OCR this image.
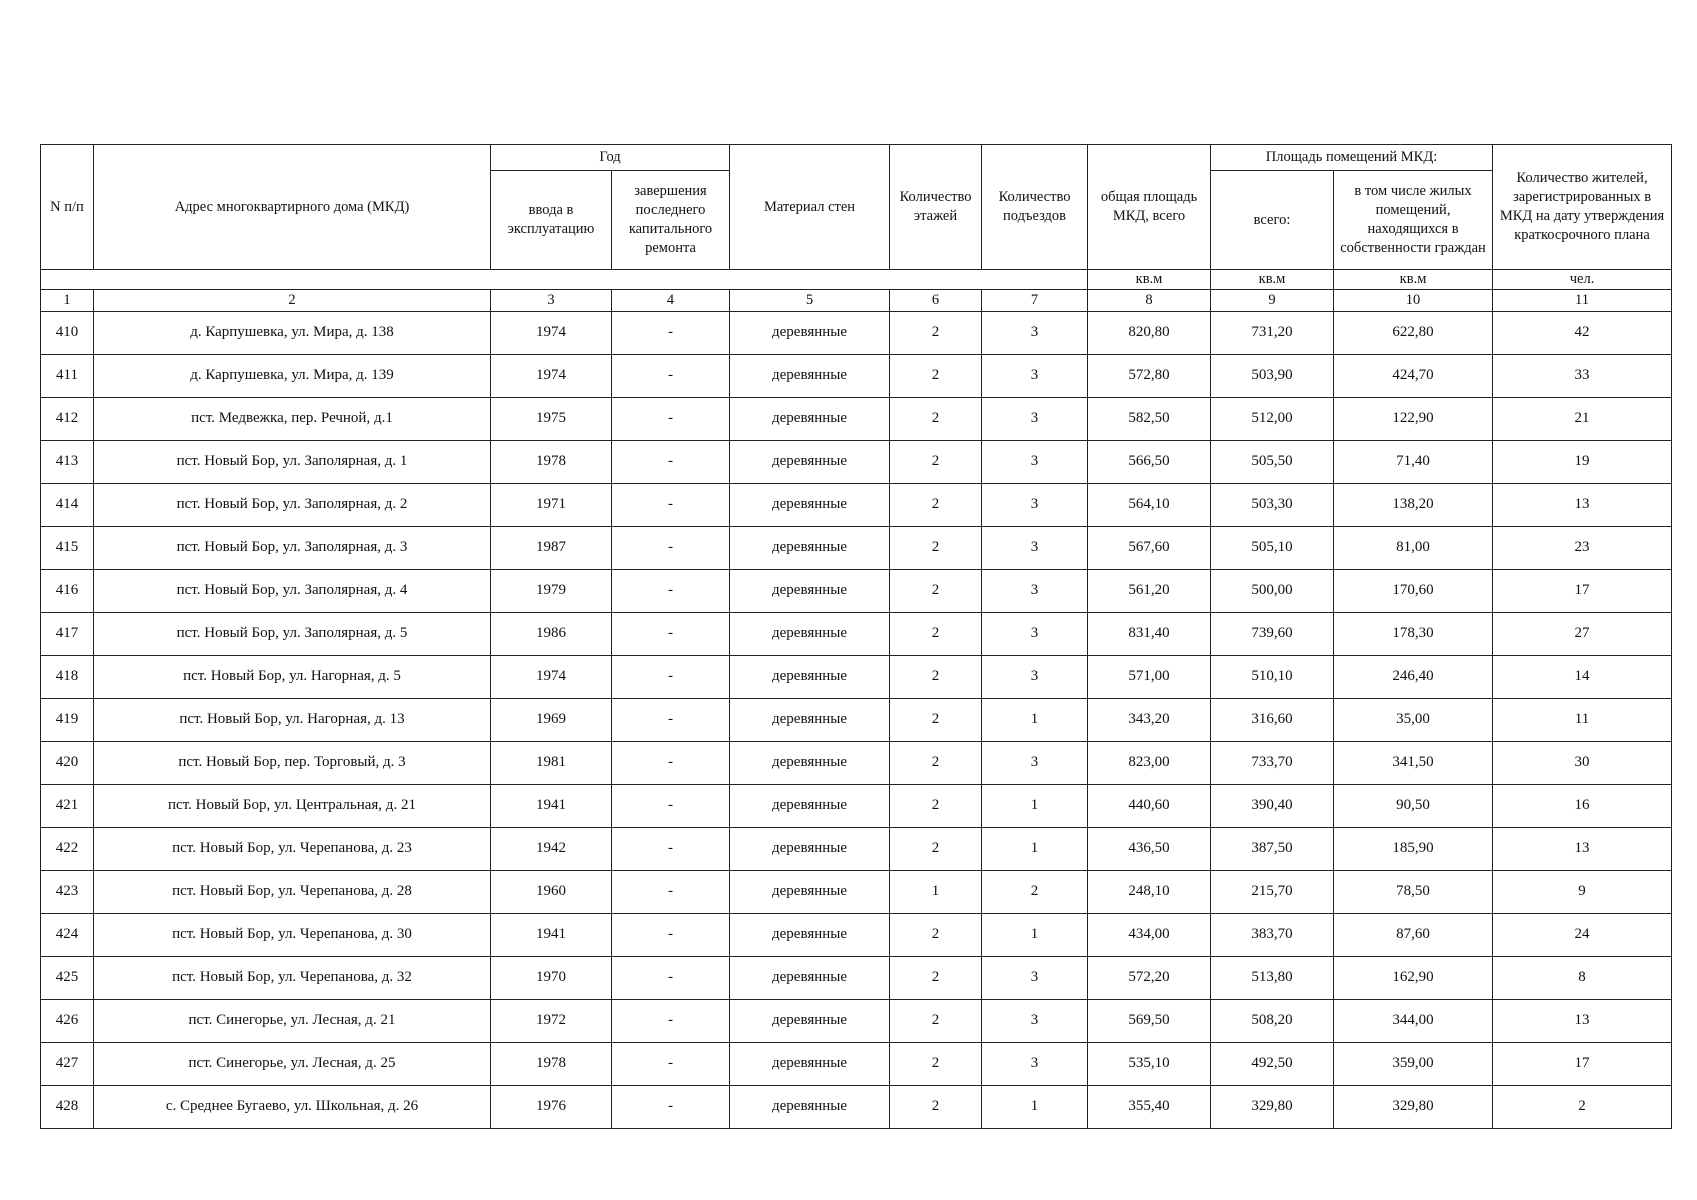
N п/п	Адрес многоквартирного дома (МКД)	Год		Материал стен	Количество этажей	Количество подъездов	общая площадь МКД, всего	Площадь помещений МКД:		Количество жителей, зарегистрированных в МКД на дату утверждения краткосрочного плана
		ввода в эксплуатацию	завершения последнего капитального ремонта					всего:	в том числе жилых помещений, находящихся в собственности граждан	
							кв.м	кв.м	кв.м	чел.
1	2	3	4	5	6	7	8	9	10	11
410	д. Карпушевка, ул. Мира, д. 138	1974	-	деревянные	2	3	820,80	731,20	622,80	42
411	д. Карпушевка, ул. Мира, д. 139	1974	-	деревянные	2	3	572,80	503,90	424,70	33
412	пст. Медвежка, пер. Речной, д.1	1975	-	деревянные	2	3	582,50	512,00	122,90	21
413	пст. Новый Бор, ул. Заполярная, д. 1	1978	-	деревянные	2	3	566,50	505,50	71,40	19
414	пст. Новый Бор, ул. Заполярная, д. 2	1971	-	деревянные	2	3	564,10	503,30	138,20	13
415	пст. Новый Бор, ул. Заполярная, д. 3	1987	-	деревянные	2	3	567,60	505,10	81,00	23
416	пст. Новый Бор, ул. Заполярная, д. 4	1979	-	деревянные	2	3	561,20	500,00	170,60	17
417	пст. Новый Бор, ул. Заполярная, д. 5	1986	-	деревянные	2	3	831,40	739,60	178,30	27
418	пст. Новый Бор, ул. Нагорная, д. 5	1974	-	деревянные	2	3	571,00	510,10	246,40	14
419	пст. Новый Бор, ул. Нагорная, д. 13	1969	-	деревянные	2	1	343,20	316,60	35,00	11
420	пст. Новый Бор, пер. Торговый, д. 3	1981	-	деревянные	2	3	823,00	733,70	341,50	30
421	пст. Новый Бор, ул. Центральная, д. 21	1941	-	деревянные	2	1	440,60	390,40	90,50	16
422	пст. Новый Бор, ул. Черепанова, д. 23	1942	-	деревянные	2	1	436,50	387,50	185,90	13
423	пст. Новый Бор, ул. Черепанова, д. 28	1960	-	деревянные	1	2	248,10	215,70	78,50	9
424	пст. Новый Бор, ул. Черепанова, д. 30	1941	-	деревянные	2	1	434,00	383,70	87,60	24
425	пст. Новый Бор, ул. Черепанова, д. 32	1970	-	деревянные	2	3	572,20	513,80	162,90	8
426	пст. Синегорье, ул. Лесная, д. 21	1972	-	деревянные	2	3	569,50	508,20	344,00	13
427	пст. Синегорье, ул. Лесная, д. 25	1978	-	деревянные	2	3	535,10	492,50	359,00	17
428	с. Среднее Бугаево, ул. Школьная, д. 26	1976	-	деревянные	2	1	355,40	329,80	329,80	2
